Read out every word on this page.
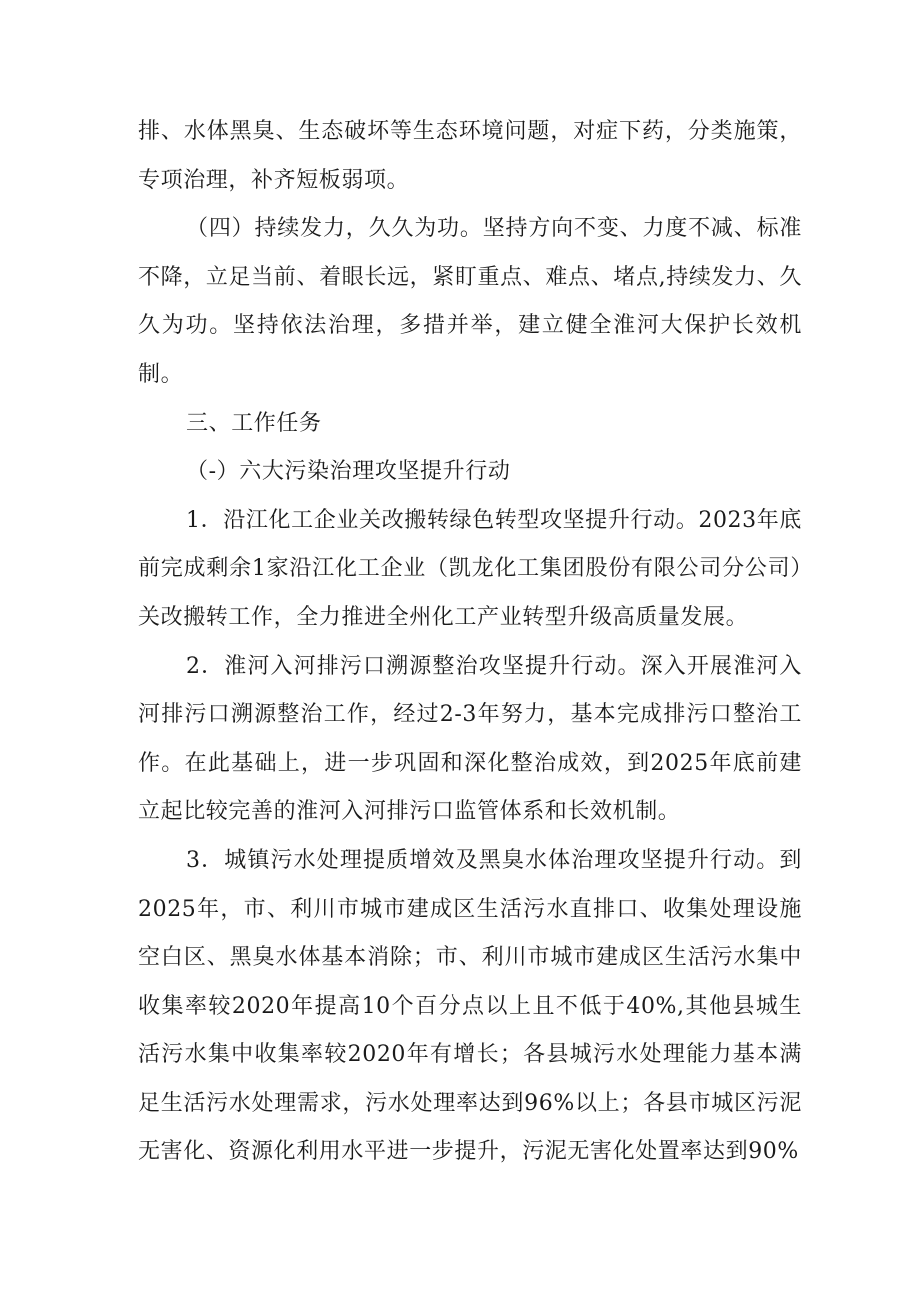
排、水体黑臭、生态破坏等生态环境问题，对症下药，分类施策，专项治理，补齐短板弱项。

（四）持续发力，久久为功。坚持方向不变、力度不减、标准不降，立足当前、着眼长远，紧盯重点、难点、堵点,持续发力、久久为功。坚持依法治理，多措并举，建立健全淮河大保护长效机制。

三、工作任务

（-）六大污染治理攻坚提升行动

1．沿江化工企业关改搬转绿色转型攻坚提升行动。2023年底前完成剩余1家沿江化工企业（凯龙化工集团股份有限公司分公司）关改搬转工作，全力推进全州化工产业转型升级高质量发展。

2．淮河入河排污口溯源整治攻坚提升行动。深入开展淮河入河排污口溯源整治工作，经过2-3年努力，基本完成排污口整治工作。在此基础上，进一步巩固和深化整治成效，到2025年底前建立起比较完善的淮河入河排污口监管体系和长效机制。

3．城镇污水处理提质增效及黑臭水体治理攻坚提升行动。到2025年，市、利川市城市建成区生活污水直排口、收集处理设施空白区、黑臭水体基本消除；市、利川市城市建成区生活污水集中收集率较2020年提高10个百分点以上且不低于40%,其他县城生活污水集中收集率较2020年有增长；各县城污水处理能力基本满足生活污水处理需求，污水处理率达到96%以上；各县市城区污泥无害化、资源化利用水平进一步提升，污泥无害化处置率达到90%
